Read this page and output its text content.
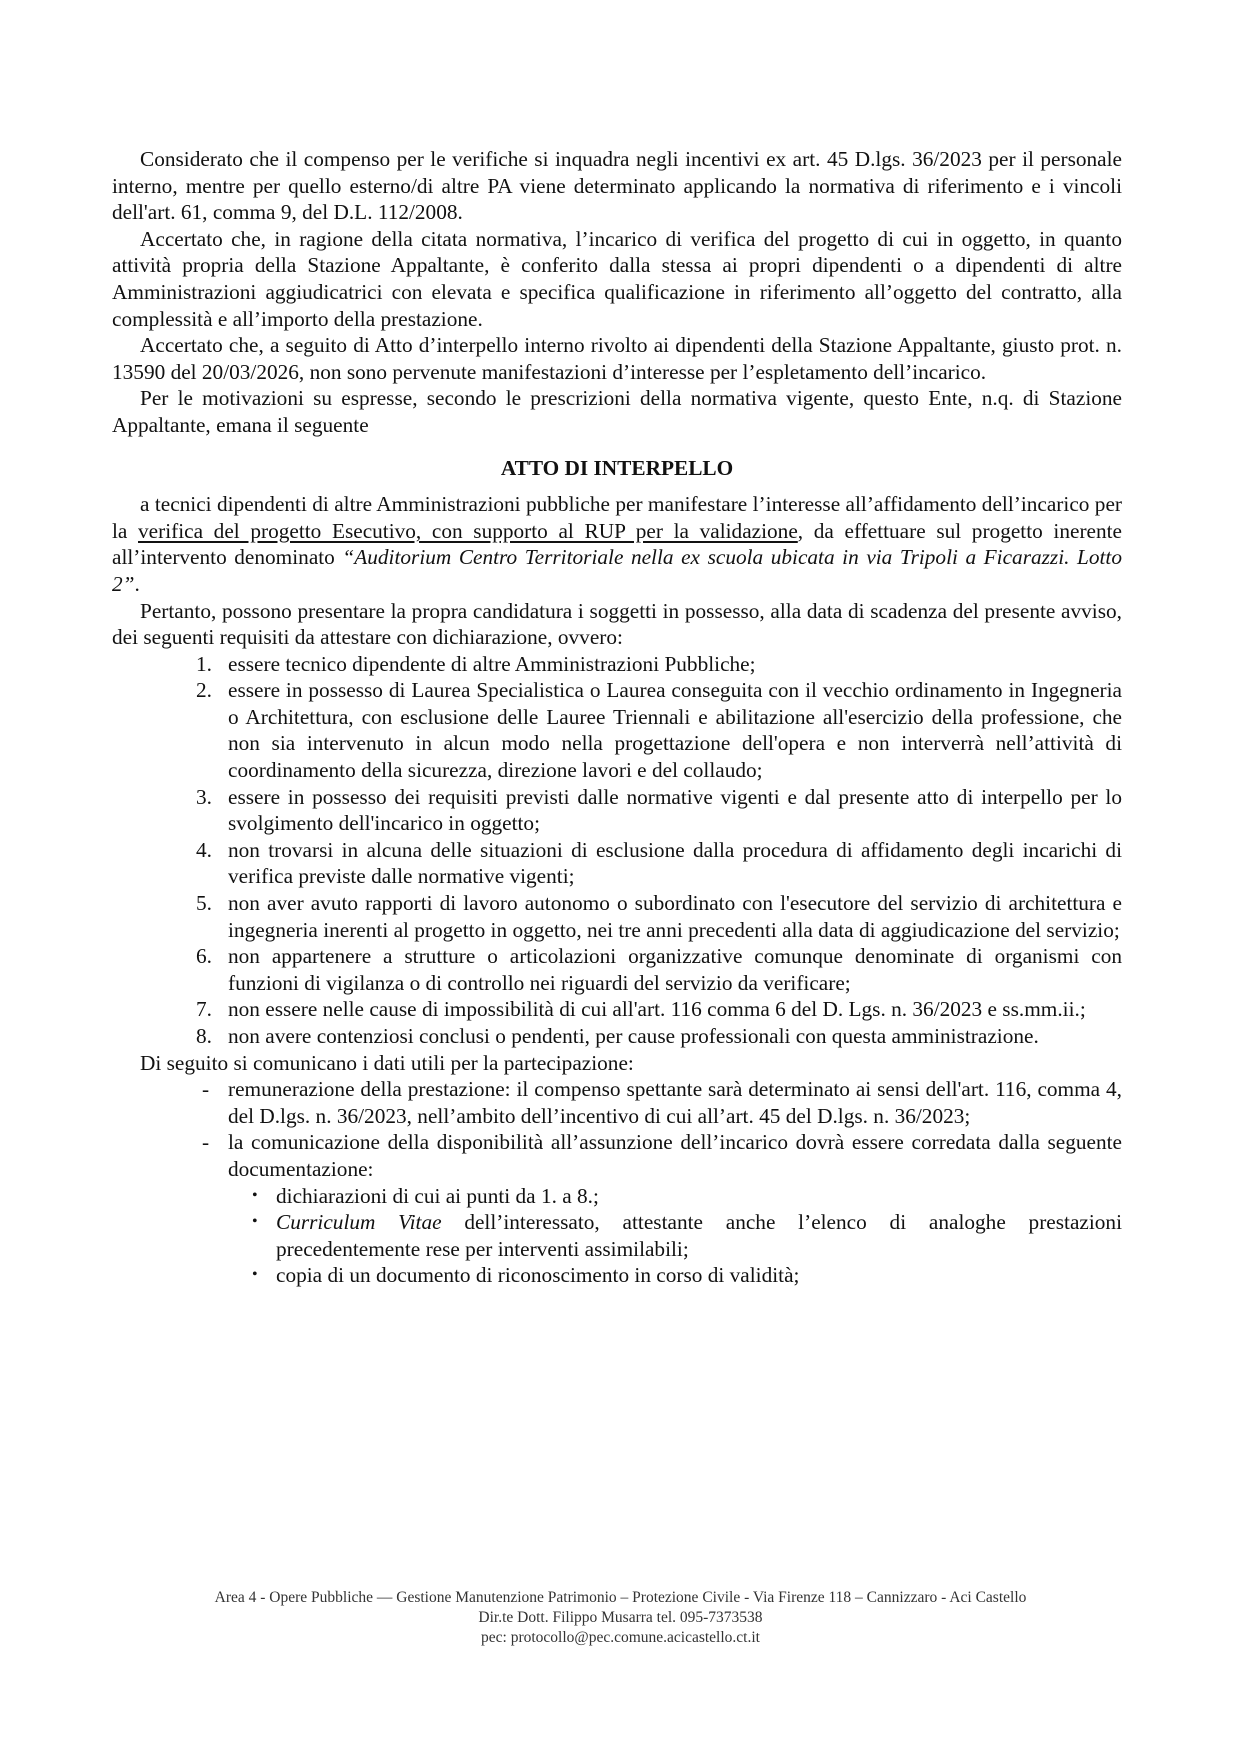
Considerato che il compenso per le verifiche si inquadra negli incentivi ex art. 45 D.lgs. 36/2023 per il personale interno, mentre per quello esterno/di altre PA viene determinato applicando la normativa di riferimento e i vincoli dell'art. 61, comma 9, del D.L. 112/2008.

Accertato che, in ragione della citata normativa, l’incarico di verifica del progetto di cui in oggetto, in quanto attività propria della Stazione Appaltante, è conferito dalla stessa ai propri dipendenti o a dipendenti di altre Amministrazioni aggiudicatrici con elevata e specifica qualificazione in riferimento all’oggetto del contratto, alla complessità e all’importo della prestazione.

Accertato che, a seguito di Atto d’interpello interno rivolto ai dipendenti della Stazione Appaltante, giusto prot. n. 13590 del 20/03/2026, non sono pervenute manifestazioni d’interesse per l’espletamento dell’incarico.

Per le motivazioni su espresse, secondo le prescrizioni della normativa vigente, questo Ente, n.q. di Stazione Appaltante, emana il seguente

ATTO DI INTERPELLO

a tecnici dipendenti di altre Amministrazioni pubbliche per manifestare l’interesse all’affidamento dell’incarico per la verifica del progetto Esecutivo, con supporto al RUP per la validazione, da effettuare sul progetto inerente all’intervento denominato “Auditorium Centro Territoriale nella ex scuola ubicata in via Tripoli a Ficarazzi. Lotto 2”.

Pertanto, possono presentare la propra candidatura i soggetti in possesso, alla data di scadenza del presente avviso, dei seguenti requisiti da attestare con dichiarazione, ovvero:

1. essere tecnico dipendente di altre Amministrazioni Pubbliche;
2. essere in possesso di Laurea Specialistica o Laurea conseguita con il vecchio ordinamento in Ingegneria o Architettura, con esclusione delle Lauree Triennali e abilitazione all'esercizio della professione, che non sia intervenuto in alcun modo nella progettazione dell'opera e non interverrà nell’attività di coordinamento della sicurezza, direzione lavori e del collaudo;
3. essere in possesso dei requisiti previsti dalle normative vigenti e dal presente atto di interpello per lo svolgimento dell'incarico in oggetto;
4. non trovarsi in alcuna delle situazioni di esclusione dalla procedura di affidamento degli incarichi di verifica previste dalle normative vigenti;
5. non aver avuto rapporti di lavoro autonomo o subordinato con l'esecutore del servizio di architettura e ingegneria inerenti al progetto in oggetto, nei tre anni precedenti alla data di aggiudicazione del servizio;
6. non appartenere a strutture o articolazioni organizzative comunque denominate di organismi con funzioni di vigilanza o di controllo nei riguardi del servizio da verificare;
7. non essere nelle cause di impossibilità di cui all'art. 116 comma 6 del D. Lgs. n. 36/2023 e ss.mm.ii.;
8. non avere contenziosi conclusi o pendenti, per cause professionali con questa amministrazione.

Di seguito si comunicano i dati utili per la partecipazione:

- remunerazione della prestazione: il compenso spettante sarà determinato ai sensi dell'art. 116, comma 4, del D.lgs. n. 36/2023, nell’ambito dell’incentivo di cui all’art. 45 del D.lgs. n. 36/2023;
- la comunicazione della disponibilità all’assunzione dell’incarico dovrà essere corredata dalla seguente documentazione:
• dichiarazioni di cui ai punti da 1. a 8.;
• Curriculum Vitae dell’interessato, attestante anche l’elenco di analoghe prestazioni precedentemente rese per interventi assimilabili;
• copia di un documento di riconoscimento in corso di validità;
Area 4 - Opere Pubbliche — Gestione Manutenzione Patrimonio – Protezione Civile - Via Firenze 118 – Cannizzaro - Aci Castello
Dir.te Dott. Filippo Musarra tel. 095-7373538
pec: protocollo@pec.comune.acicastello.ct.it
